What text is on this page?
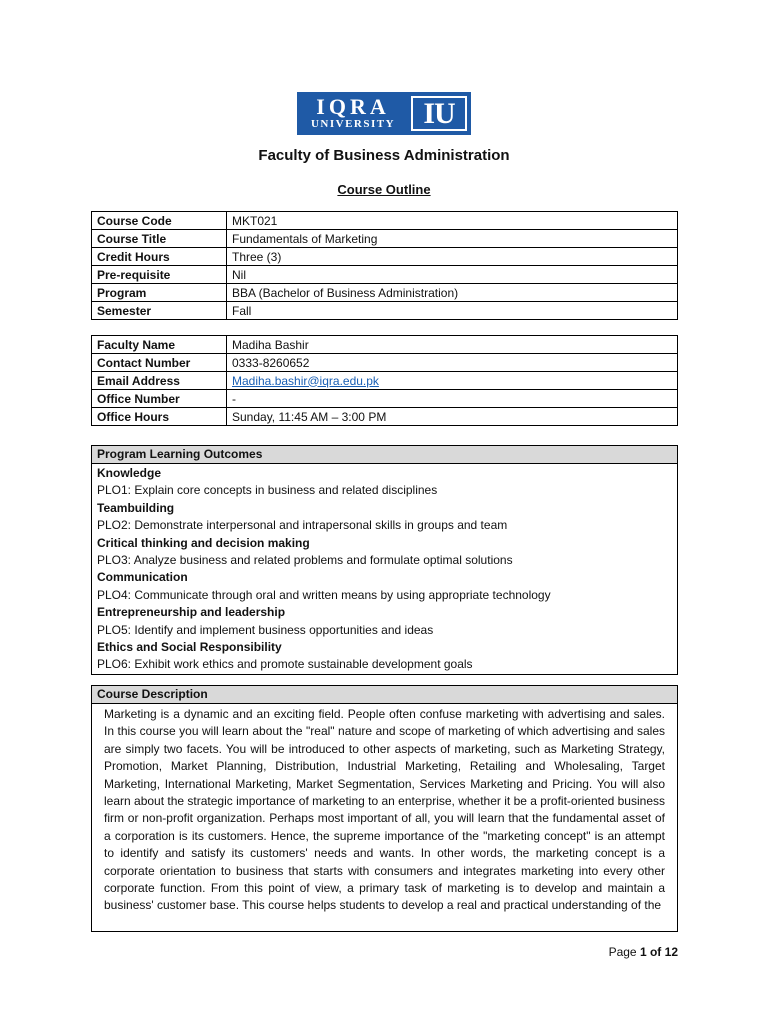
IQRA
UNIVERSITY IU
Faculty of Business Administration
Course Outline
Course Code	MKT021
Course Title	Fundamentals of Marketing
Credit Hours	Three (3)
Pre-requisite	Nil
Program	BBA (Bachelor of Business Administration)
Semester	Fall
Faculty Name	Madiha Bashir
Contact Number	0333-8260652
Email Address	Madiha.bashir@iqra.edu.pk
Office Number	-
Office Hours	Sunday, 11:45 AM – 3:00 PM
Program Learning Outcomes
Knowledge
PLO1: Explain core concepts in business and related disciplines
Teambuilding
PLO2: Demonstrate interpersonal and intrapersonal skills in groups and team
Critical thinking and decision making
PLO3: Analyze business and related problems and formulate optimal solutions
Communication
PLO4: Communicate through oral and written means by using appropriate technology
Entrepreneurship and leadership
PLO5: Identify and implement business opportunities and ideas
Ethics and Social Responsibility
PLO6: Exhibit work ethics and promote sustainable development goals
Course Description
Marketing is a dynamic and an exciting field. People often confuse marketing with advertising and sales. In this course you will learn about the "real" nature and scope of marketing of which advertising and sales are simply two facets. You will be introduced to other aspects of marketing, such as Marketing Strategy, Promotion, Market Planning, Distribution, Industrial Marketing, Retailing and Wholesaling, Target Marketing, International Marketing, Market Segmentation, Services Marketing and Pricing. You will also learn about the strategic importance of marketing to an enterprise, whether it be a profit-oriented business firm or non-profit organization. Perhaps most important of all, you will learn that the fundamental asset of a corporation is its customers. Hence, the supreme importance of the "marketing concept" is an attempt to identify and satisfy its customers' needs and wants. In other words, the marketing concept is a corporate orientation to business that starts with consumers and integrates marketing into every other corporate function. From this point of view, a primary task of marketing is to develop and maintain a business' customer base. This course helps students to develop a real and practical understanding of the
Page 1 of 12
